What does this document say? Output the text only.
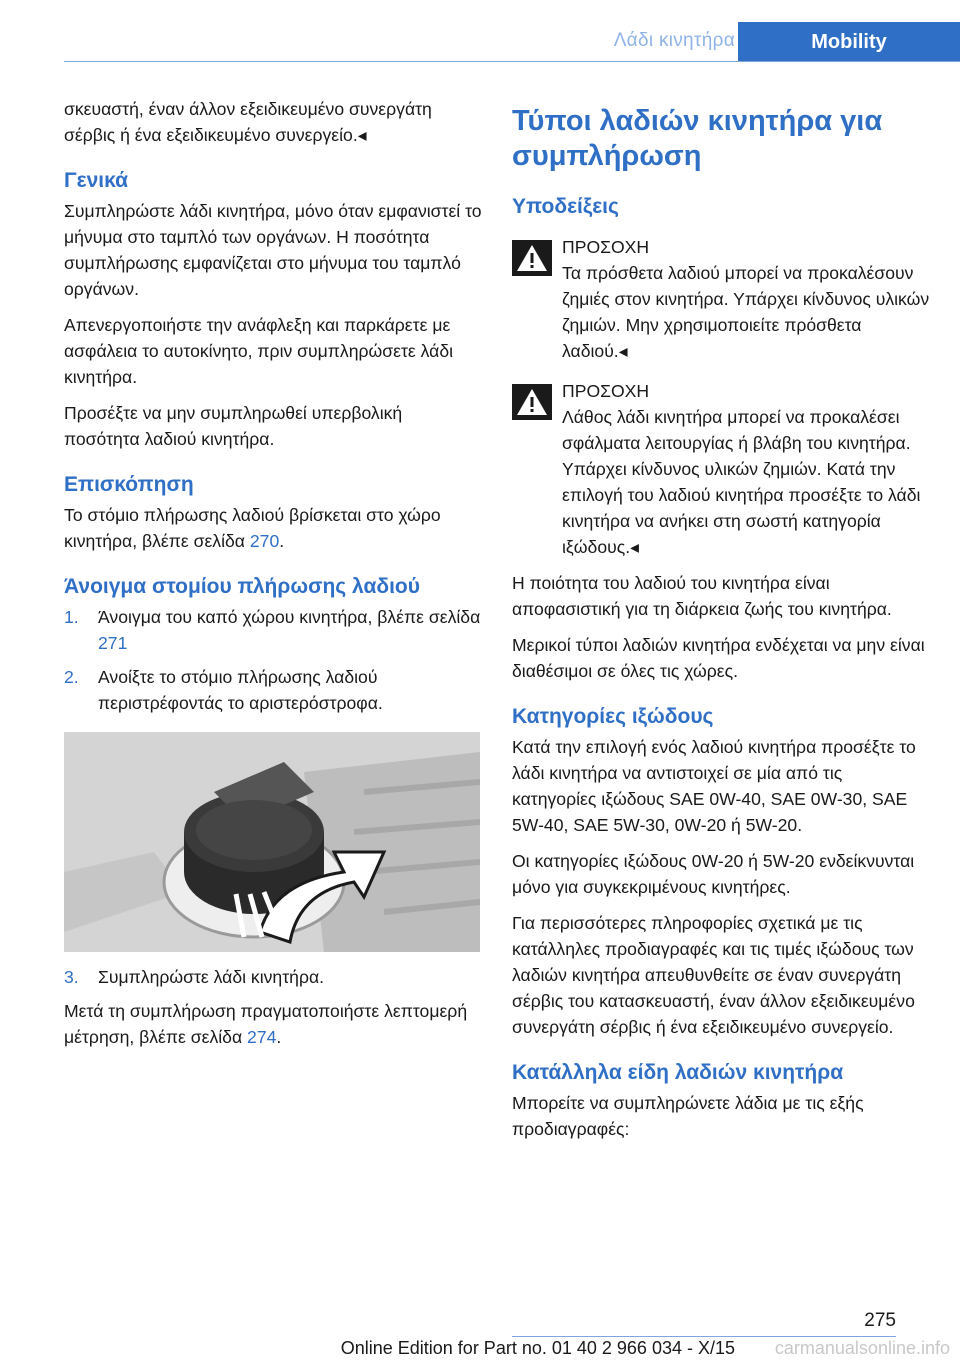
Λάδι κινητήρα	Mobility

σκευαστή, έναν άλλον εξειδικευμένο συνεργάτη σέρβις ή ένα εξειδικευμένο συνεργείο.◂

Γενικά

Συμπληρώστε λάδι κινητήρα, μόνο όταν εμφανιστεί το μήνυμα στο ταμπλό των οργάνων. Η ποσότητα συμπλήρωσης εμφανίζεται στο μήνυμα του ταμπλό οργάνων.

Απενεργοποιήστε την ανάφλεξη και παρκάρετε με ασφάλεια το αυτοκίνητο, πριν συμπληρώσετε λάδι κινητήρα.

Προσέξτε να μην συμπληρωθεί υπερβολική ποσότητα λαδιού κινητήρα.

Επισκόπηση

Το στόμιο πλήρωσης λαδιού βρίσκεται στο χώρο κινητήρα, βλέπε σελίδα 270.

Άνοιγμα στομίου πλήρωσης λαδιού
1. Άνοιγμα του καπό χώρου κινητήρα, βλέπε σελίδα 271
2. Ανοίξτε το στόμιο πλήρωσης λαδιού περιστρέφοντάς το αριστερόστροφα.
3. Συμπληρώστε λάδι κινητήρα.

Μετά τη συμπλήρωση πραγματοποιήστε λεπτομερή μέτρηση, βλέπε σελίδα 274.

Τύποι λαδιών κινητήρα για συμπλήρωση
Υποδείξεις

ΠΡΟΣΟΧΗ

Τα πρόσθετα λαδιού μπορεί να προκαλέσουν ζημιές στον κινητήρα. Υπάρχει κίνδυνος υλικών ζημιών. Μην χρησιμοποιείτε πρόσθετα λαδιού.◂

ΠΡΟΣΟΧΗ

Λάθος λάδι κινητήρα μπορεί να προκαλέσει σφάλματα λειτουργίας ή βλάβη του κινητήρα. Υπάρχει κίνδυνος υλικών ζημιών. Κατά την επιλογή του λαδιού κινητήρα προσέξτε το λάδι κινητήρα να ανήκει στη σωστή κατηγορία ιξώδους.◂

Η ποιότητα του λαδιού του κινητήρα είναι αποφασιστική για τη διάρκεια ζωής του κινητήρα.

Μερικοί τύποι λαδιών κινητήρα ενδέχεται να μην είναι διαθέσιμοι σε όλες τις χώρες.

Κατηγορίες ιξώδους

Κατά την επιλογή ενός λαδιού κινητήρα προσέξτε το λάδι κινητήρα να αντιστοιχεί σε μία από τις κατηγορίες ιξώδους SAE 0W-40, SAE 0W-30, SAE 5W-40, SAE 5W-30, 0W-20 ή 5W-20.

Οι κατηγορίες ιξώδους 0W-20 ή 5W-20 ενδείκνυνται μόνο για συγκεκριμένους κινητήρες.

Για περισσότερες πληροφορίες σχετικά με τις κατάλληλες προδιαγραφές και τις τιμές ιξώδους των λαδιών κινητήρα απευθυνθείτε σε έναν συνεργάτη σέρβις του κατασκευαστή, έναν άλλον εξειδικευμένο συνεργάτη σέρβις ή ένα εξειδικευμένο συνεργείο.

Κατάλληλα είδη λαδιών κινητήρα

Μπορείτε να συμπληρώνετε λάδια με τις εξής προδιαγραφές:

275
Online Edition for Part no. 01 40 2 966 034 - X/15 carmanualsonline.info
